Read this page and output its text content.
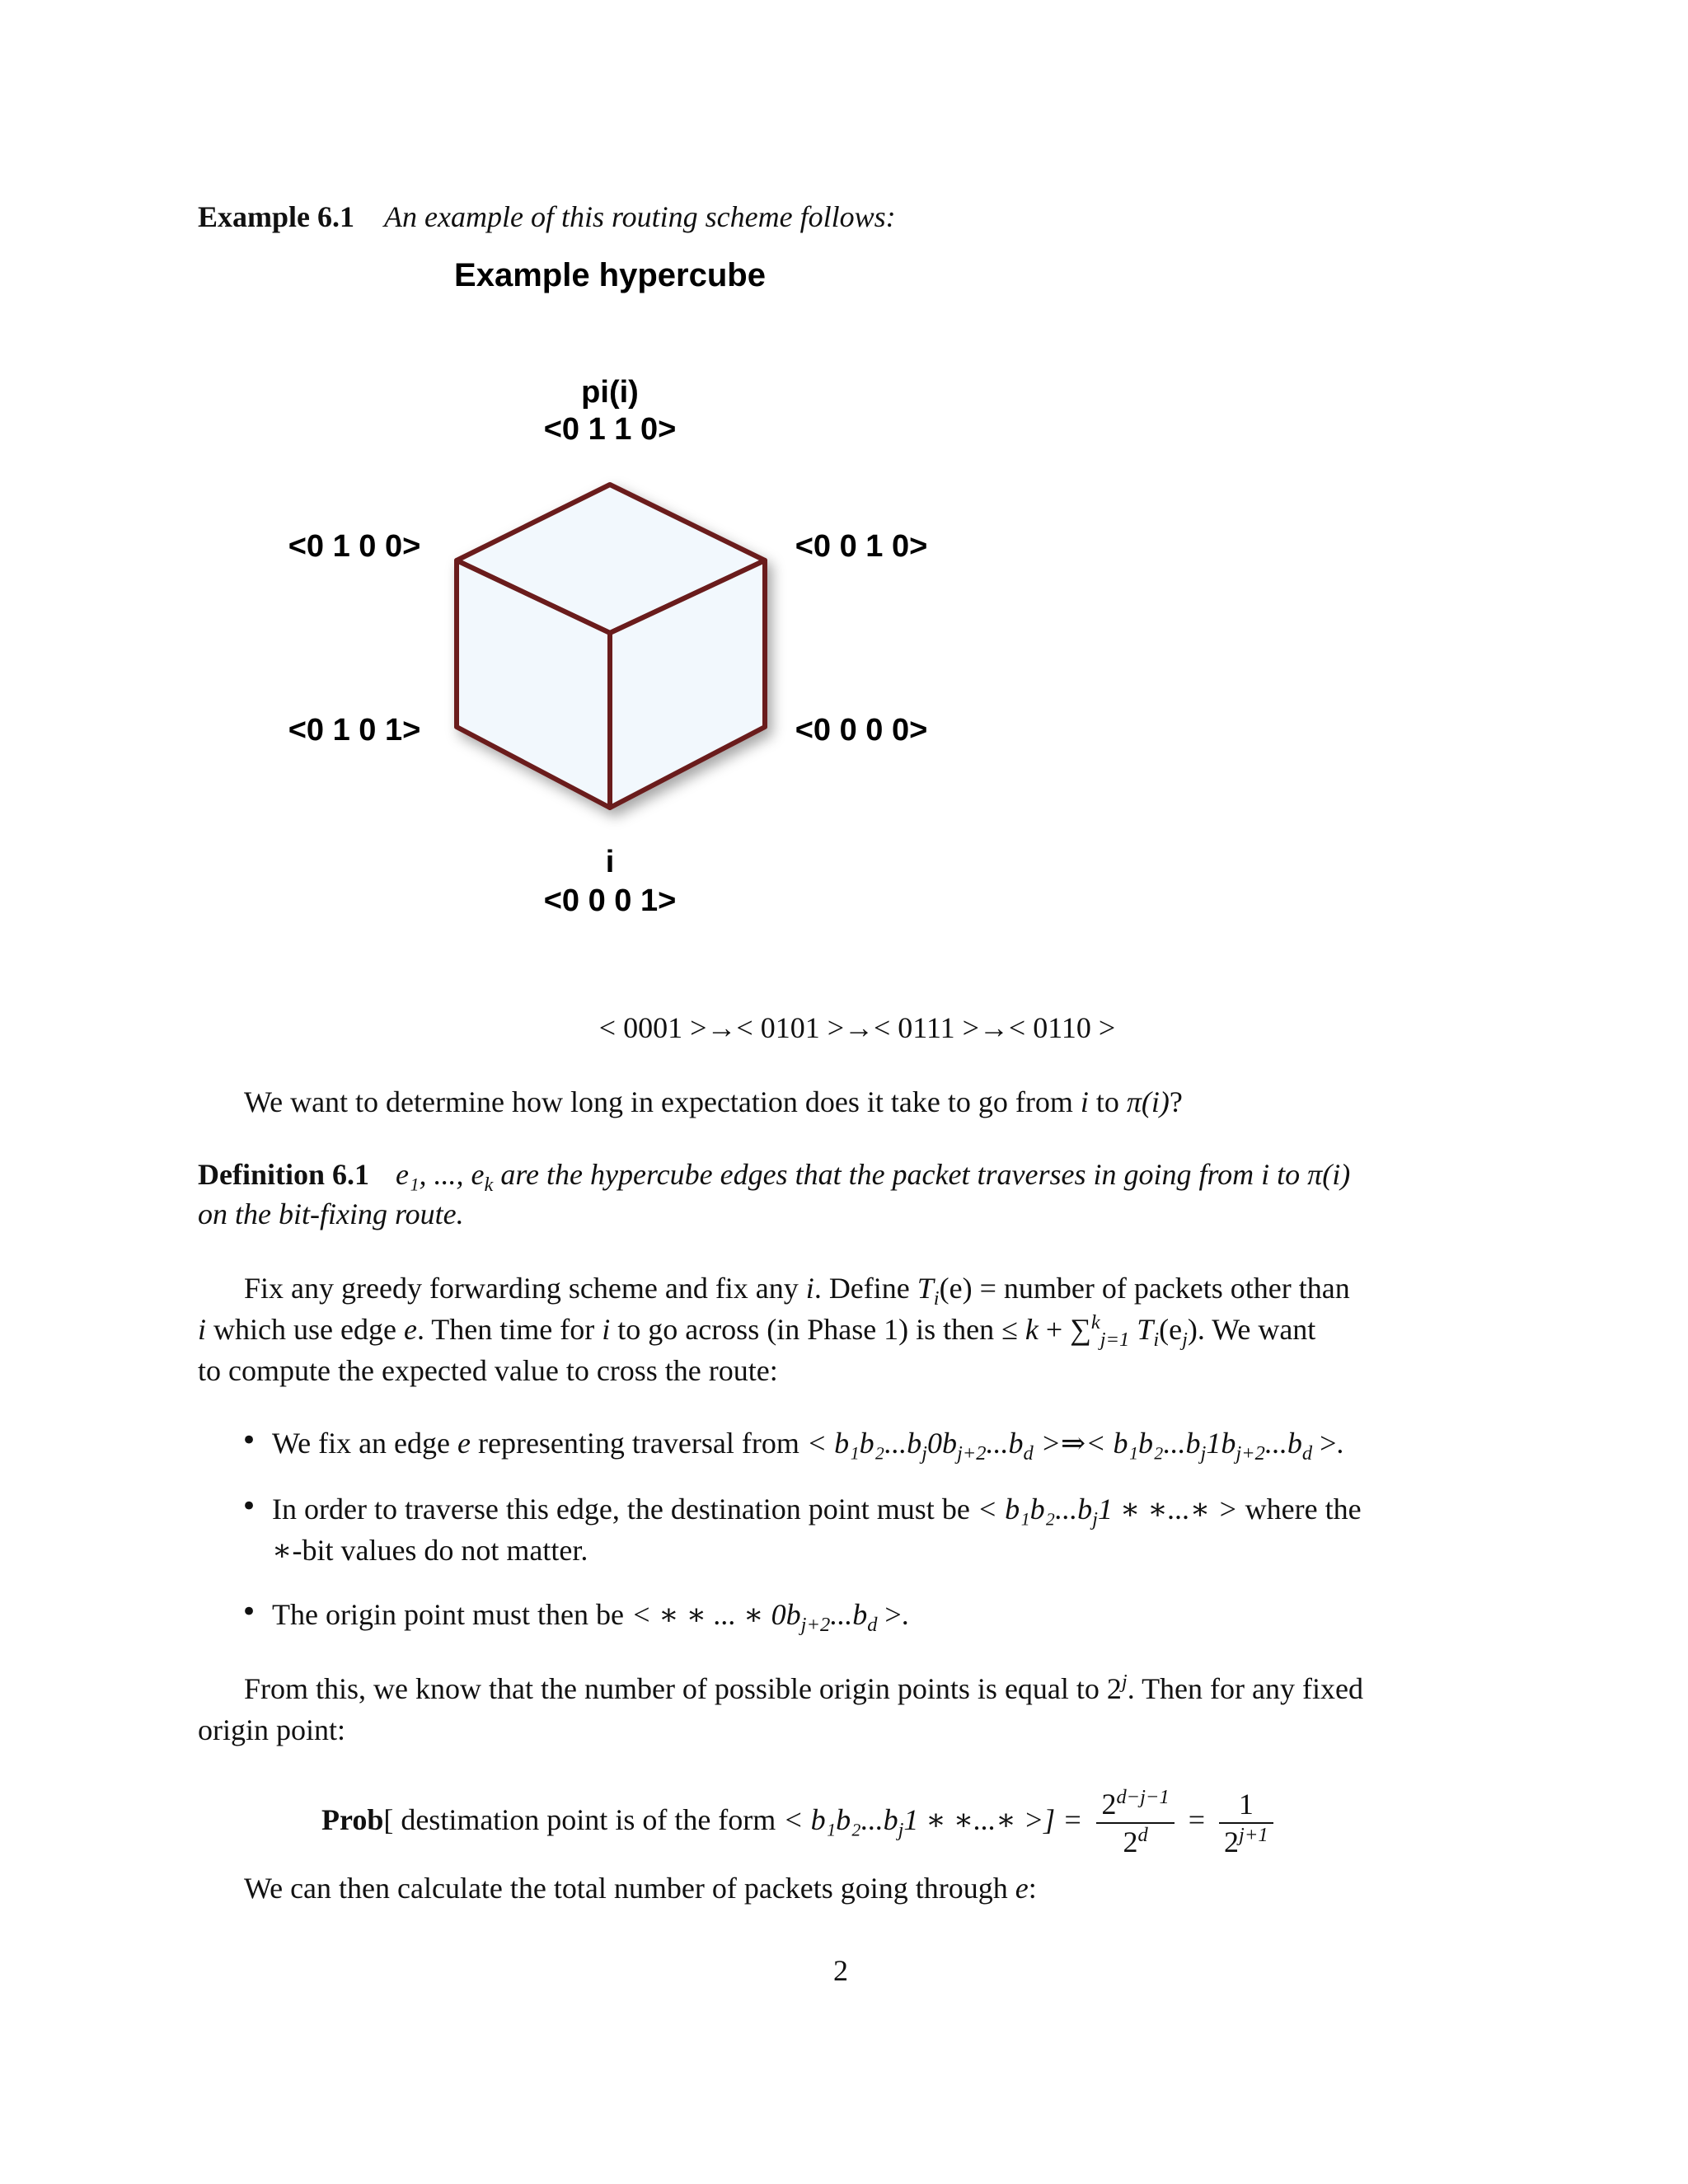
Example 6.1 An example of this routing scheme follows:
Example hypercube
pi(i)
<0 1 1 0>
<0 1 0 0>	<0 0 1 0>
<0 1 0 1>	<0 0 0 0>
i
<0 0 0 1>
< 0001 >→< 0101 >→< 0111 >→< 0110 >
We want to determine how long in expectation does it take to go from i to π(i)?
Definition 6.1 e₁, ..., $e_k$ are the hypercube edges that the packet traverses in going from i to π(i)
on the bit-fixing route.
Fix any greedy forwarding scheme and fix any i. Define $T_i(e)$ = number of packets other than
i which use edge e. Then time for i to go across (in Phase 1) is then ≤ k + ∑$^k_{j=1}$ $T_i(e_j)$. We want
to compute the expected value to cross the route:
• We fix an edge e representing traversal from < $b_1b_2...b_j0b_{j+2}...b_d$ >⇒< $b_1b_2...b_j1b_{j+2}...b_d$ >.
• In order to traverse this edge, the destination point must be < $b_1b_2...b_j1$ ∗ ∗...∗ > where the
∗-bit values do not matter.
• The origin point must then be < ∗ ∗ ... ∗ $0b_{j+2}...b_d$ >.
From this, we know that the number of possible origin points is equal to 2$^j$. Then for any fixed
origin point:
Prob[ destimation point is of the form < $b_1b_2...b_j1$ ∗ ∗...∗ >] = $\frac{2^{d-j-1}}{2^d} = \frac{1}{2^{j+1}}$
We can then calculate the total number of packets going through e:
2
